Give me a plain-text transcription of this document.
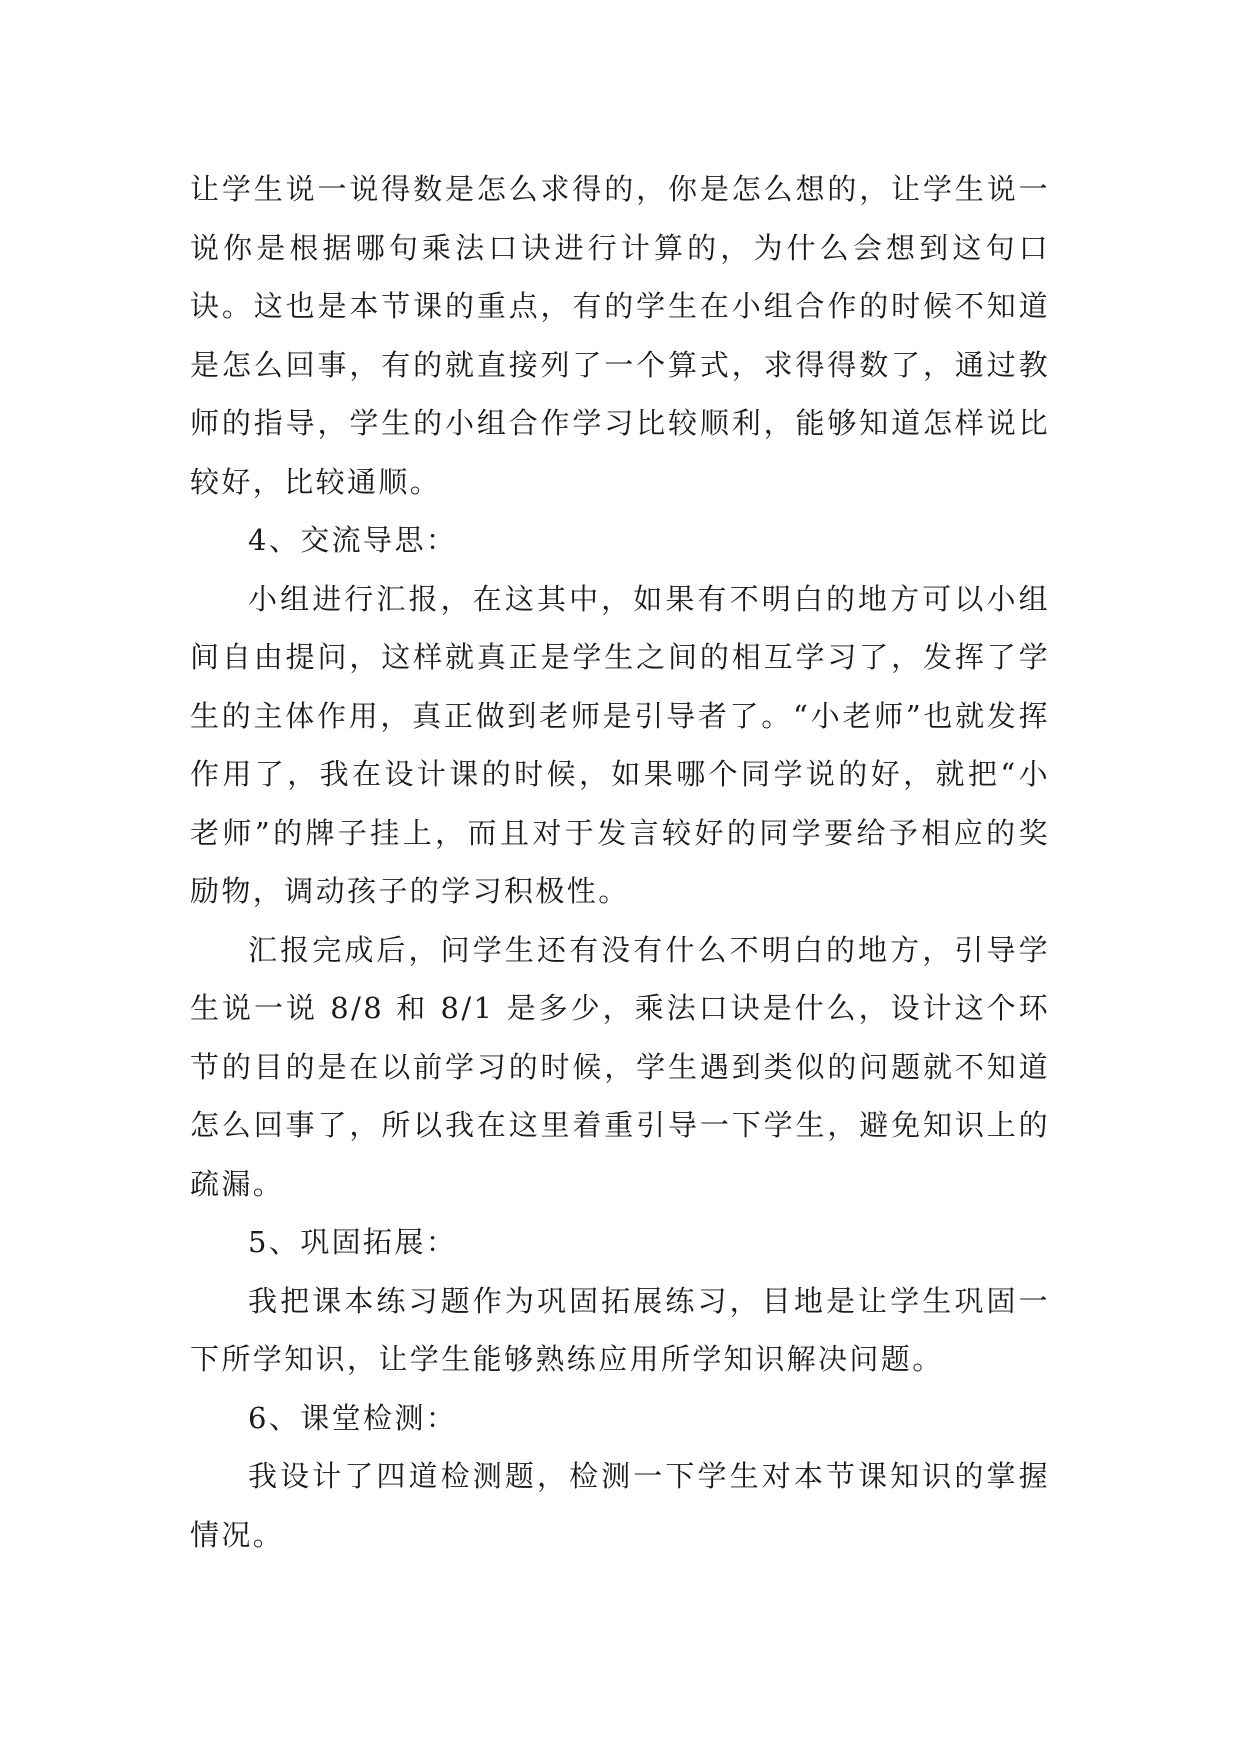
让学生说一说得数是怎么求得的，你是怎么想的，让学生说一说你是根据哪句乘法口诀进行计算的，为什么会想到这句口诀。这也是本节课的重点，有的学生在小组合作的时候不知道是怎么回事，有的就直接列了一个算式，求得得数了，通过教师的指导，学生的小组合作学习比较顺利，能够知道怎样说比较好，比较通顺。

4、交流导思：

小组进行汇报，在这其中，如果有不明白的地方可以小组间自由提问，这样就真正是学生之间的相互学习了，发挥了学生的主体作用，真正做到老师是引导者了。“小老师”也就发挥作用了，我在设计课的时候，如果哪个同学说的好，就把“小老师”的牌子挂上，而且对于发言较好的同学要给予相应的奖励物，调动孩子的学习积极性。

汇报完成后，问学生还有没有什么不明白的地方，引导学生说一说 8/8 和 8/1 是多少，乘法口诀是什么，设计这个环节的目的是在以前学习的时候，学生遇到类似的问题就不知道怎么回事了，所以我在这里着重引导一下学生，避免知识上的疏漏。

5、巩固拓展：

我把课本练习题作为巩固拓展练习，目地是让学生巩固一下所学知识，让学生能够熟练应用所学知识解决问题。

6、课堂检测：

我设计了四道检测题，检测一下学生对本节课知识的掌握情况。
